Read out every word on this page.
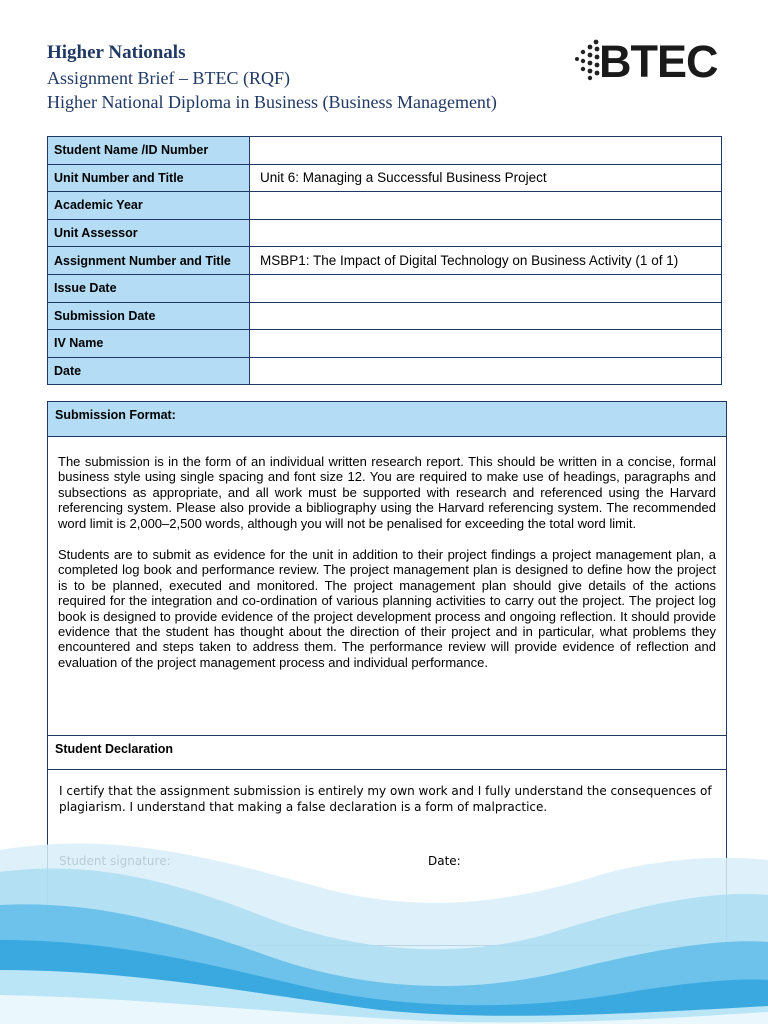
Higher Nationals
Assignment Brief – BTEC (RQF)
Higher National Diploma in Business (Business Management)
BTEC
Student Name /ID Number	
Unit Number and Title	Unit 6: Managing a Successful Business Project
Academic Year	
Unit Assessor	
Assignment Number and Title	MSBP1: The Impact of Digital Technology on Business Activity (1 of 1)
Issue Date	
Submission Date	
IV Name	
Date	
Submission Format:

The submission is in the form of an individual written research report. This should be written in a concise, formal business style using single spacing and font size 12. You are required to make use of headings, paragraphs and subsections as appropriate, and all work must be supported with research and referenced using the Harvard referencing system. Please also provide a bibliography using the Harvard referencing system. The recommended word limit is 2,000–2,500 words, although you will not be penalised for exceeding the total word limit.

Students are to submit as evidence for the unit in addition to their project findings a project management plan, a completed log book and performance review. The project management plan is designed to define how the project is to be planned, executed and monitored. The project management plan should give details of the actions required for the integration and co-ordination of various planning activities to carry out the project. The project log book is designed to provide evidence of the project development process and ongoing reflection. It should provide evidence that the student has thought about the direction of their project and in particular, what problems they encountered and steps taken to address them. The performance review will provide evidence of reflection and evaluation of the project management process and individual performance.

Student Declaration
I certify that the assignment submission is entirely my own work and I fully understand the consequences of plagiarism. I understand that making a false declaration is a form of malpractice.
Date:
